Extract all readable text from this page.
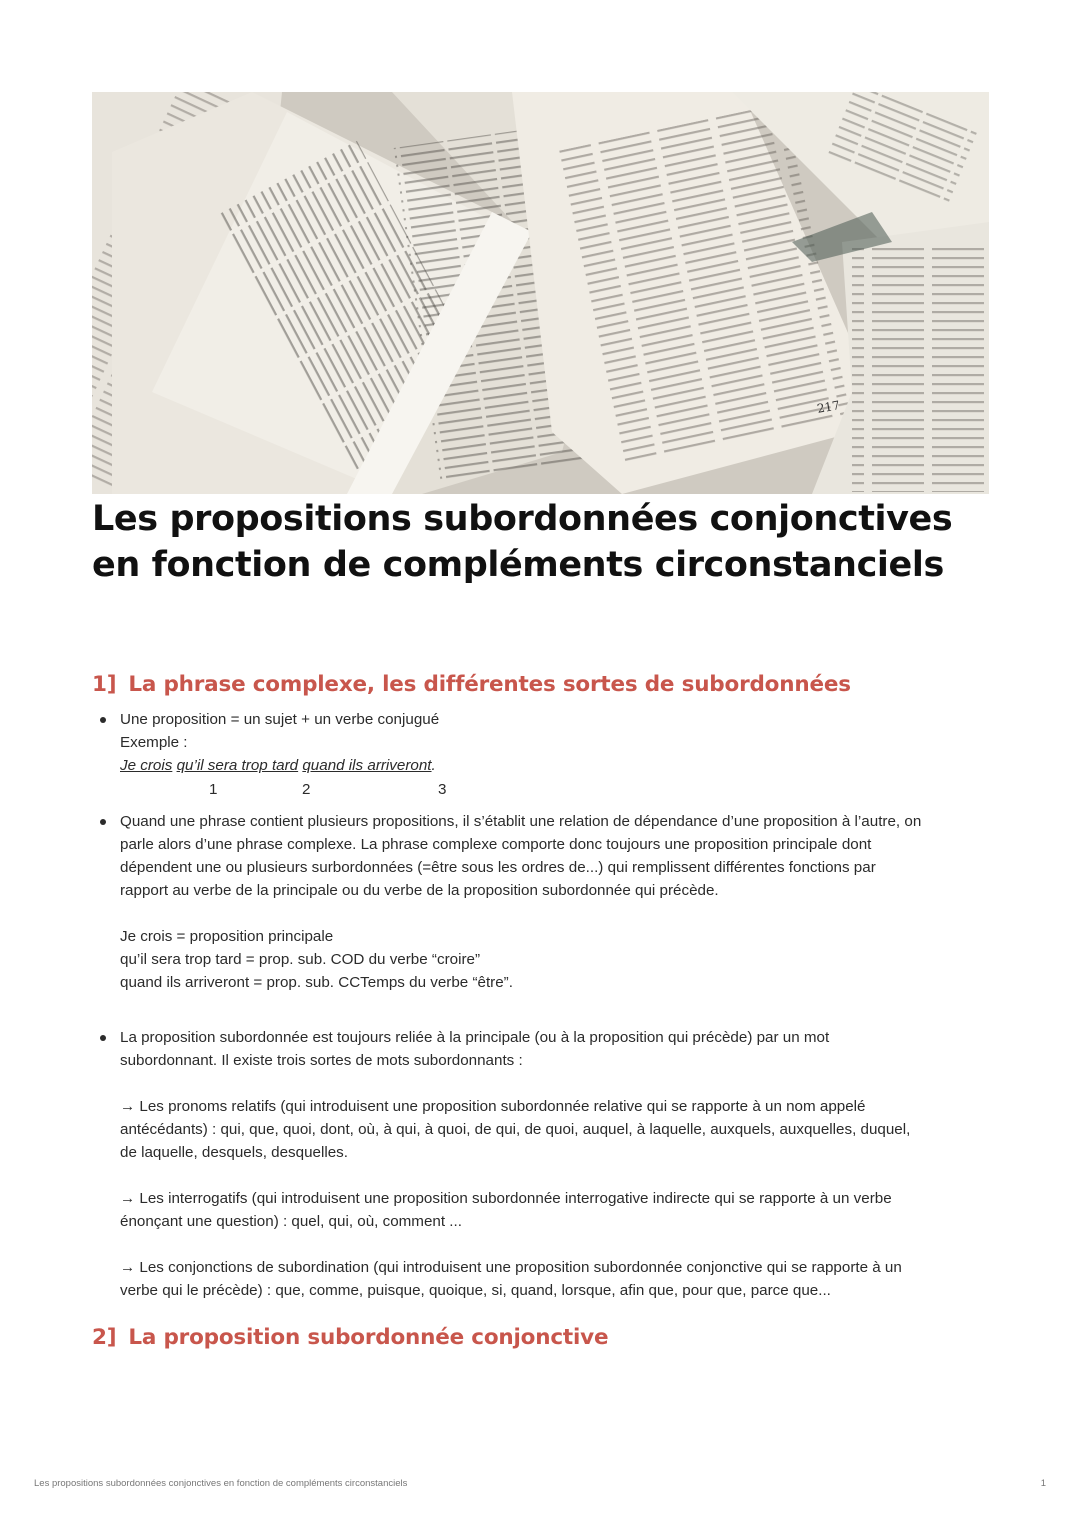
217
Les propositions subordonnées conjonctives en fonction de compléments circonstanciels
1] La phrase complexe, les différentes sortes de subordonnées
Une proposition = un sujet + un verbe conjugué
Exemple :
Je crois qu’il sera trop tard quand ils arriveront.
1	2	3
Quand une phrase contient plusieurs propositions, il s’établit une relation de dépendance d’une proposition à l’autre, on
parle alors d’une phrase complexe. La phrase complexe comporte donc toujours une proposition principale dont
dépendent une ou plusieurs surbordonnées (=être sous les ordres de...) qui remplissent différentes fonctions par
rapport au verbe de la principale ou du verbe de la proposition subordonnée qui précède.
Je crois = proposition principale
qu’il sera trop tard = prop. sub. COD du verbe “croire”
quand ils arriveront = prop. sub. CCTemps du verbe “être”.
La proposition subordonnée est toujours reliée à la principale (ou à la proposition qui précède) par un mot
subordonnant. Il existe trois sortes de mots subordonnants :
→ Les pronoms relatifs (qui introduisent une proposition subordonnée relative qui se rapporte à un nom appelé
antécédants) : qui, que, quoi, dont, où, à qui, à quoi, de qui, de quoi, auquel, à laquelle, auxquels, auxquelles, duquel,
de laquelle, desquels, desquelles.
→ Les interrogatifs (qui introduisent une proposition subordonnée interrogative indirecte qui se rapporte à un verbe
énonçant une question) : quel, qui, où, comment ...
→ Les conjonctions de subordination (qui introduisent une proposition subordonnée conjonctive qui se rapporte à un
verbe qui le précède) : que, comme, puisque, quoique, si, quand, lorsque, afin que, pour que, parce que...
2] La proposition subordonnée conjonctive
Les propositions subordonnées conjonctives en fonction de compléments circonstanciels	1
